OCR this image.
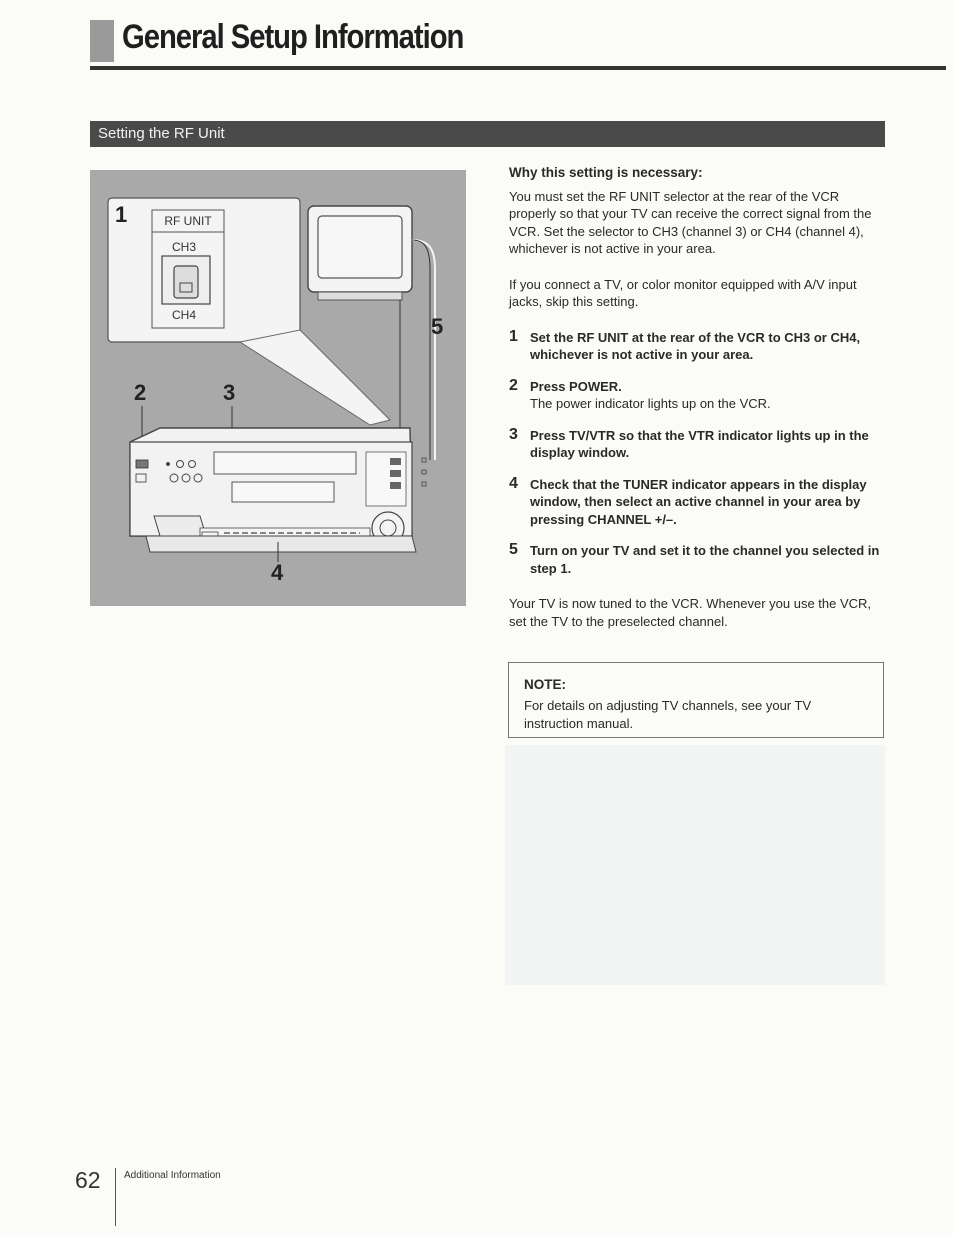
General Setup Information
Setting the RF Unit
RF UNIT
CH3
CH4
1
5
2	3
4
Why this setting is necessary:

You must set the RF UNIT selector at the rear of the VCR properly so that your TV can receive the correct signal from the VCR. Set the selector to CH3 (channel 3) or CH4 (channel 4), whichever is not active in your area.

If you connect a TV, or color monitor equipped with A/V input jacks, skip this setting.

1 Set the RF UNIT at the rear of the VCR to CH3 or CH4, whichever is not active in your area.
2 Press POWER.
The power indicator lights up on the VCR.
3 Press TV/VTR so that the VTR indicator lights up in the display window.
4 Check that the TUNER indicator appears in the display window, then select an active channel in your area by pressing CHANNEL +/–.
5 Turn on your TV and set it to the channel you selected in step 1.

Your TV is now tuned to the VCR. Whenever you use the VCR, set the TV to the preselected channel.

NOTE:
For details on adjusting TV channels, see your TV instruction manual.
62 Additional Information
